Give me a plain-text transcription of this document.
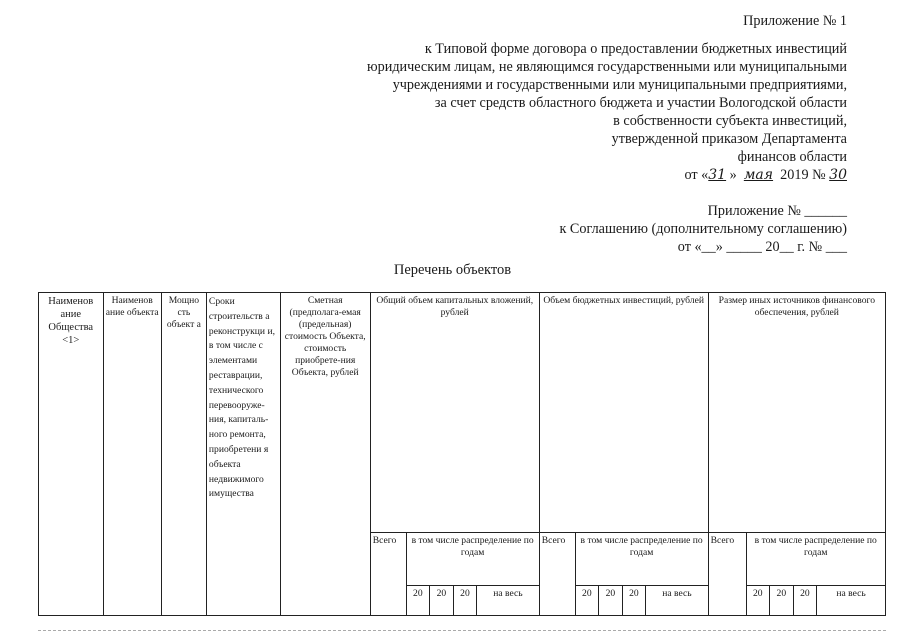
Приложение № 1
к Типовой форме договора о предоставлении бюджетных инвестиций
юридическим лицам, не являющимся государственными или муниципальными
учреждениями и государственными или муниципальными предприятиями,
за счет средств областного бюджета и участии Вологодской области
в собственности субъекта инвестиций,
утвержденной приказом Департамента
финансов области
от «31 » мая 2019 № 30
Приложение № ______
к Соглашению (дополнительному соглашению)
от «__» _____ 20__ г. № ___
Перечень объектов
Наименов ание Общества <1>	Наименов ание объекта	Мощно сть объект а	Сроки строительств а реконструкци и, в том числе с элементами реставрации, технического перевооруже-ния, капиталь-ного ремонта, приобретени я объекта недвижимого имущества	Сметная (предполага-емая (предельная) стоимость Объекта, стоимость приобрете-ния Объекта, рублей	Общий объем капитальных вложений, рублей					Объем бюджетных инвестиций, рублей					Размер иных источников финансового обеспечения, рублей				
					Всего	в том числе распределение по годам				Всего	в том числе распределение по годам				Всего	в том числе распределение по годам			
						20	20	20	на весь		20	20	20	на весь		20	20	20	на весь
